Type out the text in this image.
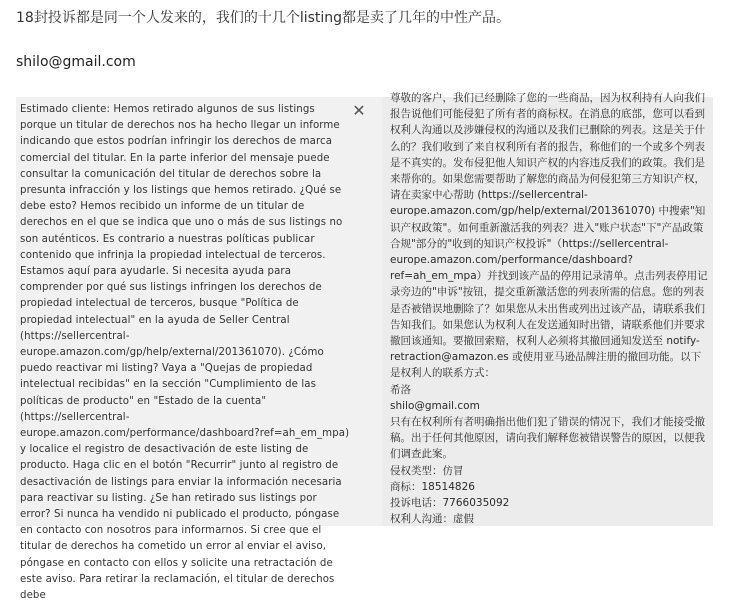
18封投诉都是同一个人发来的，我们的十几个listing都是卖了几年的中性产品。
shilo@gmail.com
Estimado cliente: Hemos retirado algunos de sus listings porque un titular de derechos nos ha hecho llegar un informe indicando que estos podrían infringir los derechos de marca comercial del titular. En la parte inferior del mensaje puede consultar la comunicación del titular de derechos sobre la presunta infracción y los listings que hemos retirado. ¿Qué se debe esto? Hemos recibido un informe de un titular de derechos en el que se indica que uno o más de sus listings no son auténticos. Es contrario a nuestras políticas publicar contenido que infrinja la propiedad intelectual de terceros. Estamos aquí para ayudarle. Si necesita ayuda para comprender por qué sus listings infringen los derechos de propiedad intelectual de terceros, busque "Política de propiedad intelectual" en la ayuda de Seller Central (https://sellercentral-europe.amazon.com/gp/help/external/201361070). ¿Cómo puedo reactivar mi listing? Vaya a "Quejas de propiedad intelectual recibidas" en la sección "Cumplimiento de las políticas de producto" en "Estado de la cuenta" (https://sellercentral-europe.amazon.com/performance/dashboard?ref=ah_em_mpa) y localice el registro de desactivación de este listing de producto. Haga clic en el botón "Recurrir" junto al registro de desactivación de listings para enviar la información necesaria para reactivar su listing. ¿Se han retirado sus listings por error? Si nunca ha vendido ni publicado el producto, póngase en contacto con nosotros para informarnos. Si cree que el titular de derechos ha cometido un error al enviar el aviso, póngase en contacto con ellos y solicite una retractación de este aviso. Para retirar la reclamación, el titular de derechos debe
✕

尊敬的客户，我们已经删除了您的一些商品，因为权利持有人向我们报告说他们可能侵犯了所有者的商标权。在消息的底部，您可以看到权利人沟通以及涉嫌侵权的沟通以及我们已删除的列表。这是关于什么的？我们收到了来自权利所有者的报告，称他们的一个或多个列表是不真实的。发布侵犯他人知识产权的内容违反我们的政策。我们是来帮你的。如果您需要帮助了解您的商品为何侵犯第三方知识产权，请在卖家中心帮助 (https://sellercentral-europe.amazon.com/gp/help/external/201361070) 中搜索"知识产权政策"。如何重新激活我的列表？进入"账户状态"下"产品政策合规"部分的"收到的知识产权投诉"（https://sellercentral-europe.amazon.com/performance/dashboard?ref=ah_em_mpa）并找到该产品的停用记录清单。点击列表停用记录旁边的"申诉"按钮，提交重新激活您的列表所需的信息。您的列表是否被错误地删除了？如果您从未出售或列出过该产品，请联系我们告知我们。如果您认为权利人在发送通知时出错，请联系他们并要求撤回该通知。要撤回索赔，权利人必须将其撤回通知发送至 notify-retraction@amazon.es 或使用亚马逊品牌注册的撤回功能。以下是权利人的联系方式：

希洛

shilo@gmail.com

只有在权利所有者明确指出他们犯了错误的情况下，我们才能接受撤稿。出于任何其他原因，请向我们解释您被错误警告的原因，以便我们调查此案。

侵权类型：仿冒

商标：18514826

投诉电话：7766035092

权利人沟通：虚假
